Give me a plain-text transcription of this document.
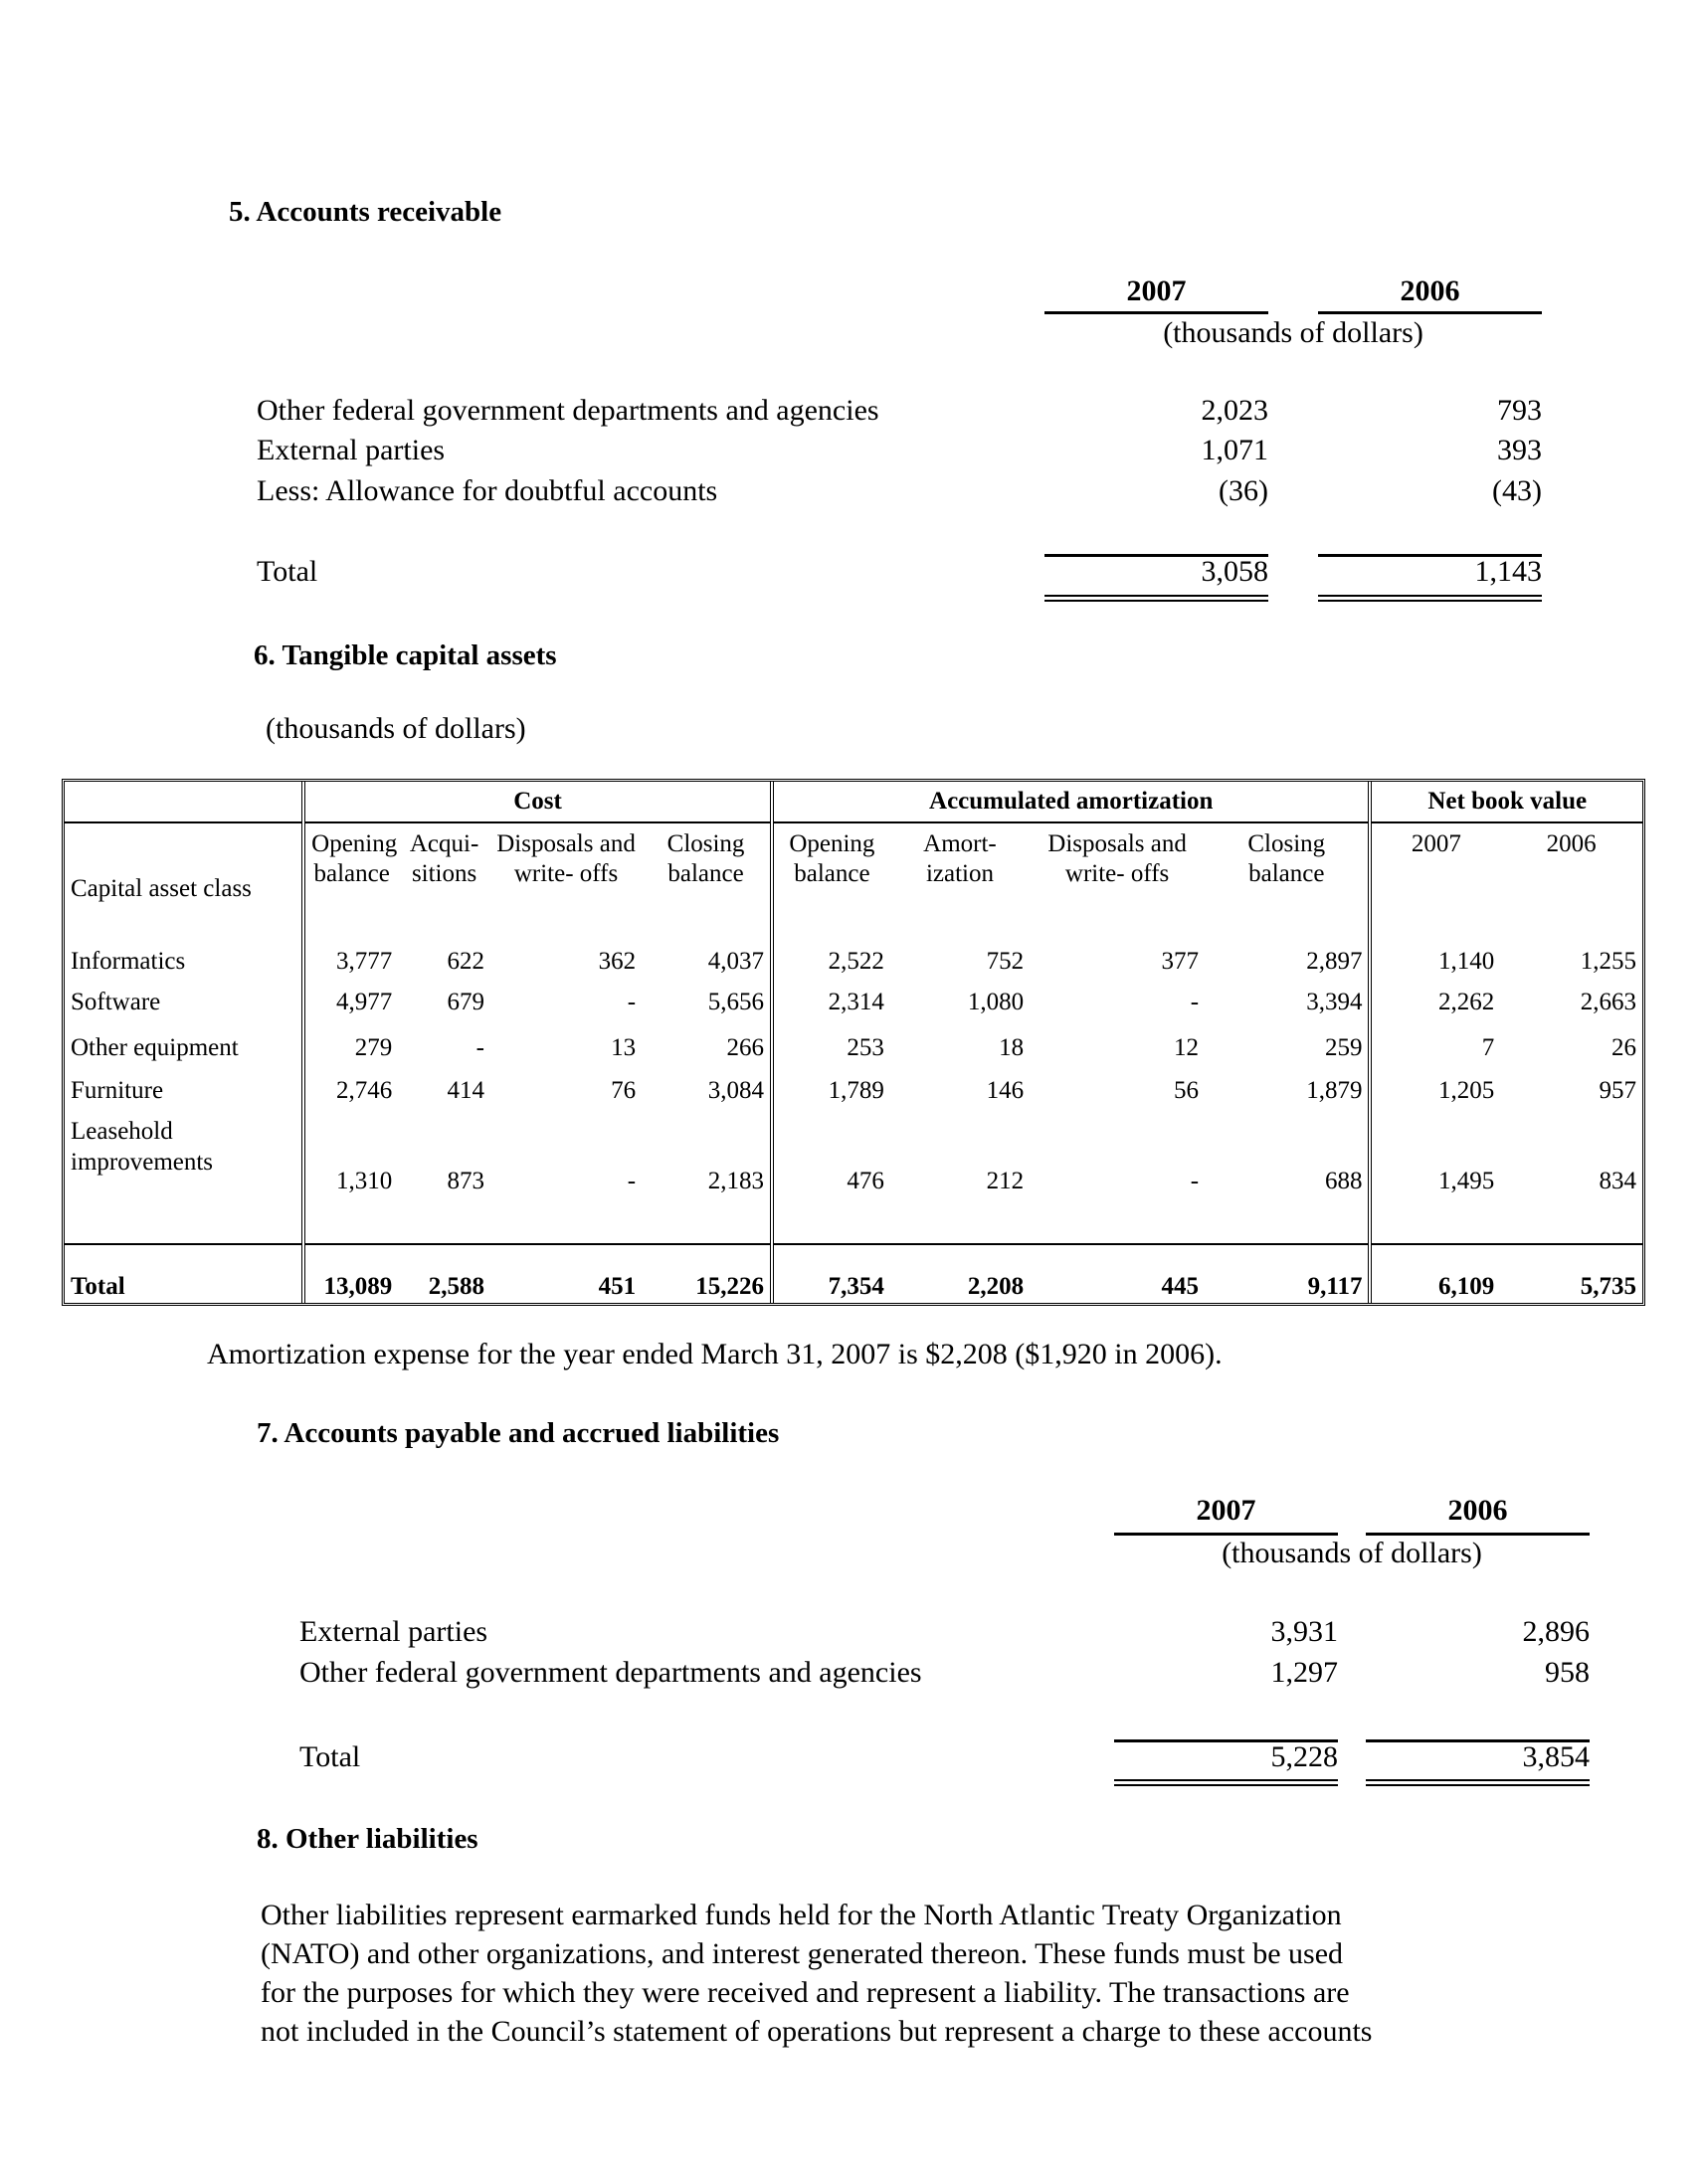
5. Accounts receivable
2007	2006
(thousands of dollars)
Other federal government departments and agencies	2,023	793
External parties	1,071	393
Less: Allowance for doubtful accounts	(36)	(43)
Total	3,058	1,143
6. Tangible capital assets
(thousands of dollars)
	Cost				Accumulated amortization				Net book value	
Capital asset class	Opening balance	Acqui- sitions	Disposals and write- offs	Closing balance	Opening balance	Amort- ization	Disposals and write- offs	Closing balance	2007	2006
Informatics	3,777	622	362	4,037	2,522	752	377	2,897	1,140	1,255
Software	4,977	679	-	5,656	2,314	1,080	-	3,394	2,262	2,663
Other equipment	279	-	13	266	253	18	12	259	7	26
Furniture	2,746	414	76	3,084	1,789	146	56	1,879	1,205	957
Leasehold improvements	1,310	873	-	2,183	476	212	-	688	1,495	834

Total	13,089	2,588	451	15,226	7,354	2,208	445	9,117	6,109	5,735
Amortization expense for the year ended March 31, 2007 is $2,208 ($1,920 in 2006).
7. Accounts payable and accrued liabilities
2007	2006
(thousands of dollars)
External parties	3,931	2,896
Other federal government departments and agencies	1,297	958
Total	5,228	3,854
8. Other liabilities
Other liabilities represent earmarked funds held for the North Atlantic Treaty Organization
(NATO) and other organizations, and interest generated thereon. These funds must be used
for the purposes for which they were received and represent a liability. The transactions are
not included in the Council’s statement of operations but represent a charge to these accounts
